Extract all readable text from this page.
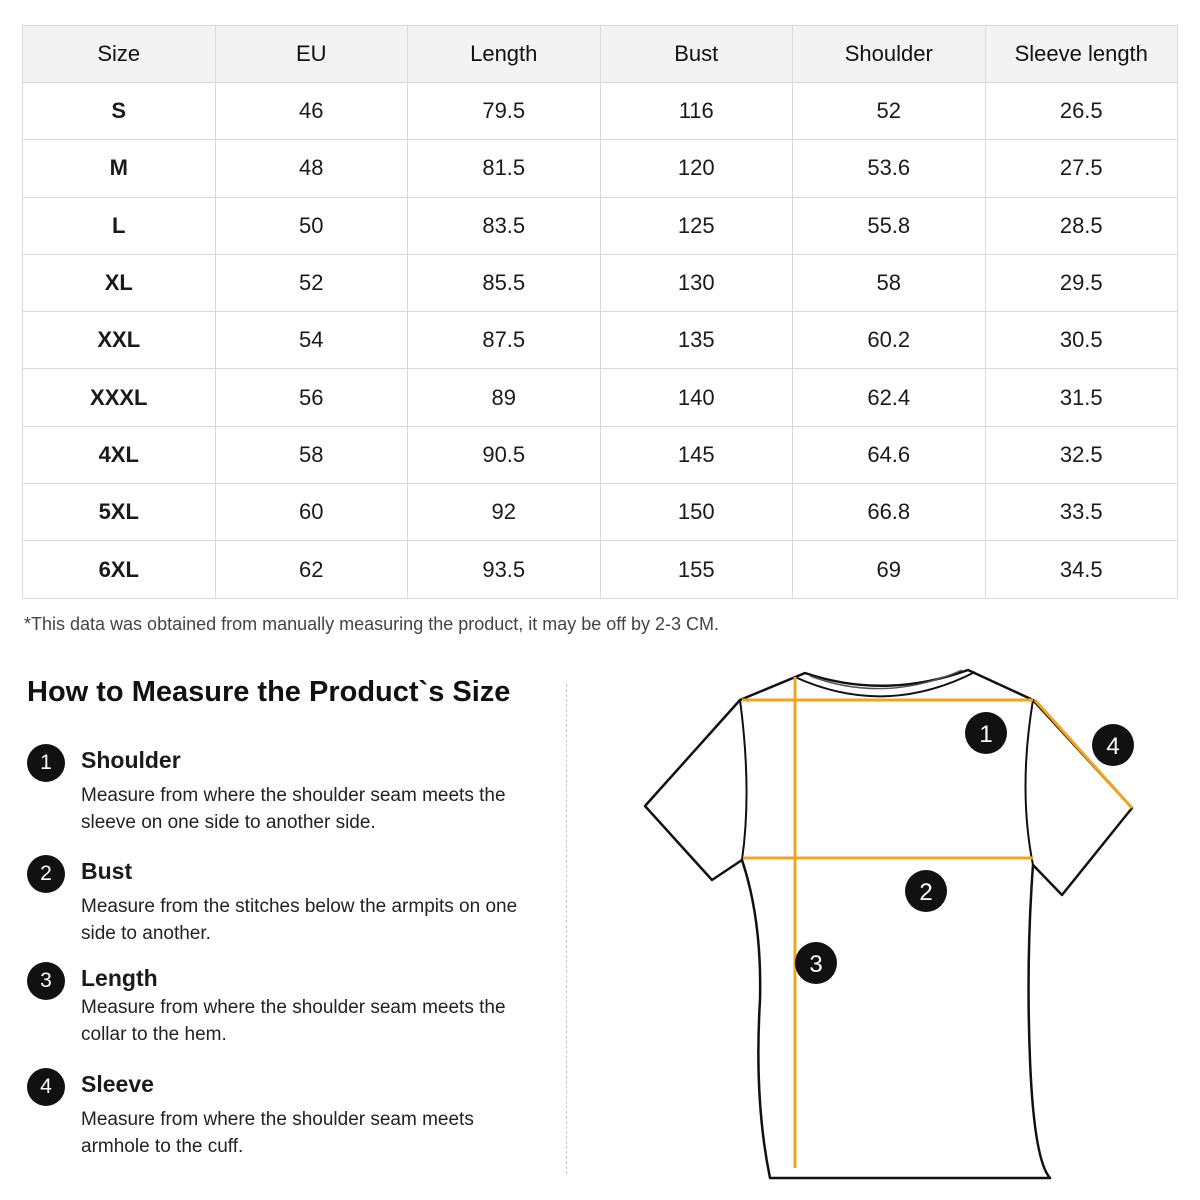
Size	EU	Length	Bust	Shoulder	Sleeve length
S	46	79.5	116	52	26.5
M	48	81.5	120	53.6	27.5
L	50	83.5	125	55.8	28.5
XL	52	85.5	130	58	29.5
XXL	54	87.5	135	60.2	30.5
XXXL	56	89	140	62.4	31.5
4XL	58	90.5	145	64.6	32.5
5XL	60	92	150	66.8	33.5
6XL	62	93.5	155	69	34.5
*This data was obtained from manually measuring the product, it may be off by 2-3 CM.
How to Measure the Product`s Size
1	Shoulder
Measure from where the shoulder seam meets the sleeve on one side to another side.
2	Bust
Measure from the stitches below the armpits on one side to another.
3	Length
Measure from where the shoulder seam meets the collar to the hem.
4	Sleeve
Measure from where the shoulder seam meets armhole to the cuff.
1
2
3
4
